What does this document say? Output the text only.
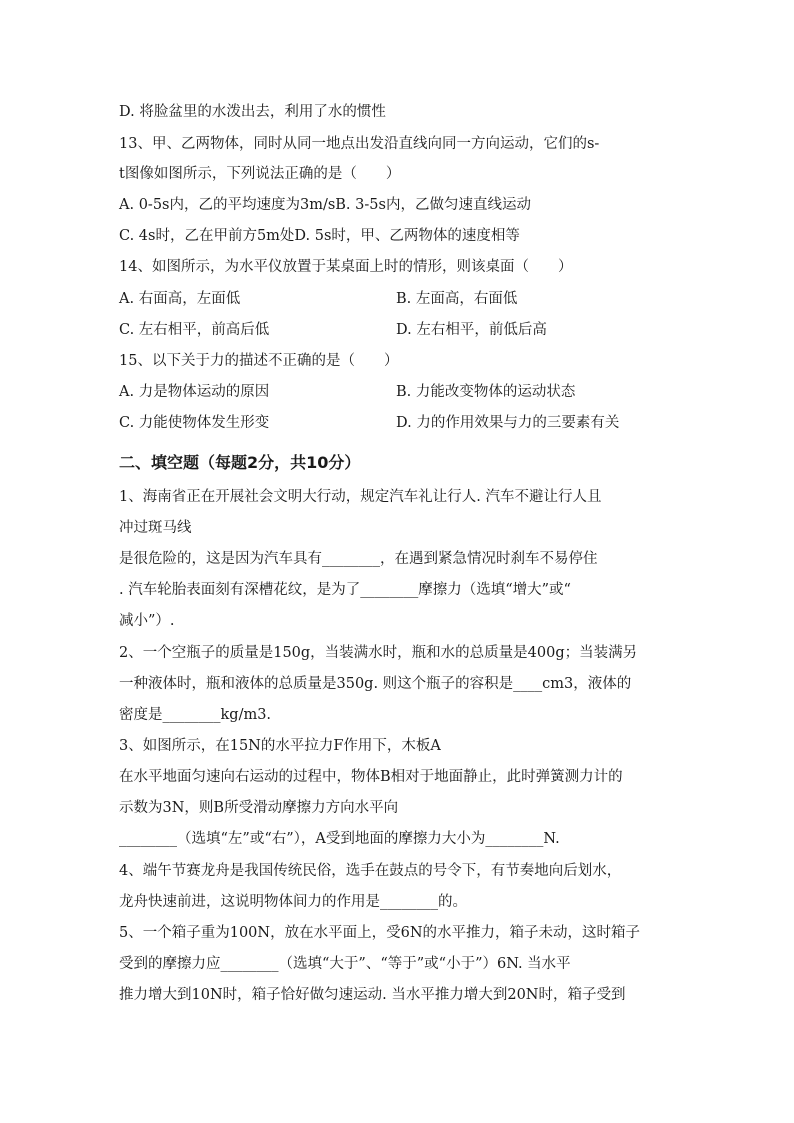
D. 将脸盆里的水泼出去，利用了水的惯性
13、甲、乙两物体，同时从同一地点出发沿直线向同一方向运动，它们的s-
t图像如图所示，下列说法正确的是（　　）
A. 0-5s内，乙的平均速度为3m/sB. 3-5s内，乙做匀速直线运动
C. 4s时，乙在甲前方5m处D. 5s时，甲、乙两物体的速度相等
14、如图所示，为水平仪放置于某桌面上时的情形，则该桌面（　　）
A. 右面高，左面低	B. 左面高，右面低
C. 左右相平，前高后低	D. 左右相平，前低后高
15、以下关于力的描述不正确的是（　　）
A. 力是物体运动的原因	B. 力能改变物体的运动状态
C. 力能使物体发生形变	D. 力的作用效果与力的三要素有关
二、填空题（每题2分，共10分）
1、海南省正在开展社会文明大行动，规定汽车礼让行人. 汽车不避让行人且
冲过斑马线
是很危险的，这是因为汽车具有________，在遇到紧急情况时刹车不易停住
. 汽车轮胎表面刻有深槽花纹，是为了________摩擦力（选填“增大”或“
减小”）.
2、一个空瓶子的质量是150g，当装满水时，瓶和水的总质量是400g；当装满另
一种液体时，瓶和液体的总质量是350g. 则这个瓶子的容积是____cm3，液体的
密度是________kg/m3.
3、如图所示，在15N的水平拉力F作用下，木板A
在水平地面匀速向右运动的过程中，物体B相对于地面静止，此时弹簧测力计的
示数为3N，则B所受滑动摩擦力方向水平向
________（选填“左”或“右”），A受到地面的摩擦力大小为________N.
4、端午节赛龙舟是我国传统民俗，选手在鼓点的号令下，有节奏地向后划水，
龙舟快速前进，这说明物体间力的作用是________的。
5、一个箱子重为100N，放在水平面上，受6N的水平推力，箱子未动，这时箱子
受到的摩擦力应________（选填“大于”、“等于”或“小于”）6N. 当水平
推力增大到10N时，箱子恰好做匀速运动. 当水平推力增大到20N时，箱子受到
